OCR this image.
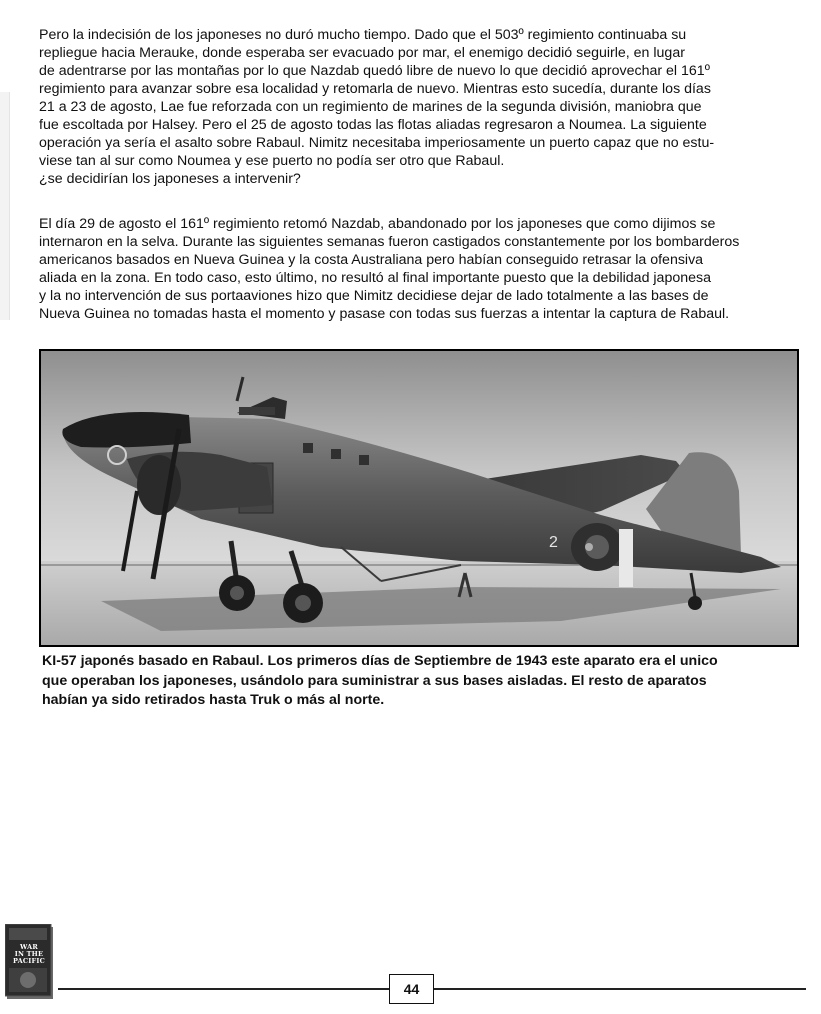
Pero la indecisión de los japoneses no duró mucho tiempo. Dado que el 503º regimiento continuaba su
repliegue hacia Merauke, donde esperaba ser evacuado por mar, el enemigo decidió seguirle, en lugar
de adentrarse por las montañas por lo que Nazdab quedó libre de nuevo lo que decidió aprovechar el 161º
regimiento para avanzar sobre esa localidad y retomarla de nuevo. Mientras esto sucedía, durante los días
21 a 23 de agosto, Lae fue reforzada con un regimiento de marines de la segunda división, maniobra que
fue escoltada por Halsey. Pero el 25 de agosto todas las flotas aliadas regresaron a Noumea. La siguiente
operación ya sería el asalto sobre Rabaul. Nimitz necesitaba imperiosamente un puerto capaz que no estu-
viese tan al sur como Noumea y ese puerto no podía ser otro que Rabaul.
¿se decidirían los japoneses a intervenir?
El día 29 de agosto el 161º regimiento retomó Nazdab, abandonado por los japoneses que como dijimos se
internaron en la selva. Durante las siguientes semanas fueron castigados constantemente por los bombarderos
americanos basados en Nueva Guinea y la costa Australiana pero habían conseguido retrasar la ofensiva
aliada en la zona. En todo caso, esto último, no resultó al final importante puesto que la debilidad japonesa
y la no intervención de sus portaaviones hizo que Nimitz decidiese dejar de lado totalmente a las bases de
Nueva Guinea no tomadas hasta el momento y pasase con todas sus fuerzas a intentar la captura de Rabaul.
2
KI-57 japonés basado en Rabaul. Los primeros días de Septiembre de 1943 este aparato era el unico
que operaban los japoneses, usándolo para suministrar a sus bases aisladas. El resto de aparatos
habían ya sido retirados hasta Truk o más al norte.
WAR
IN THE
PACIFIC
44
